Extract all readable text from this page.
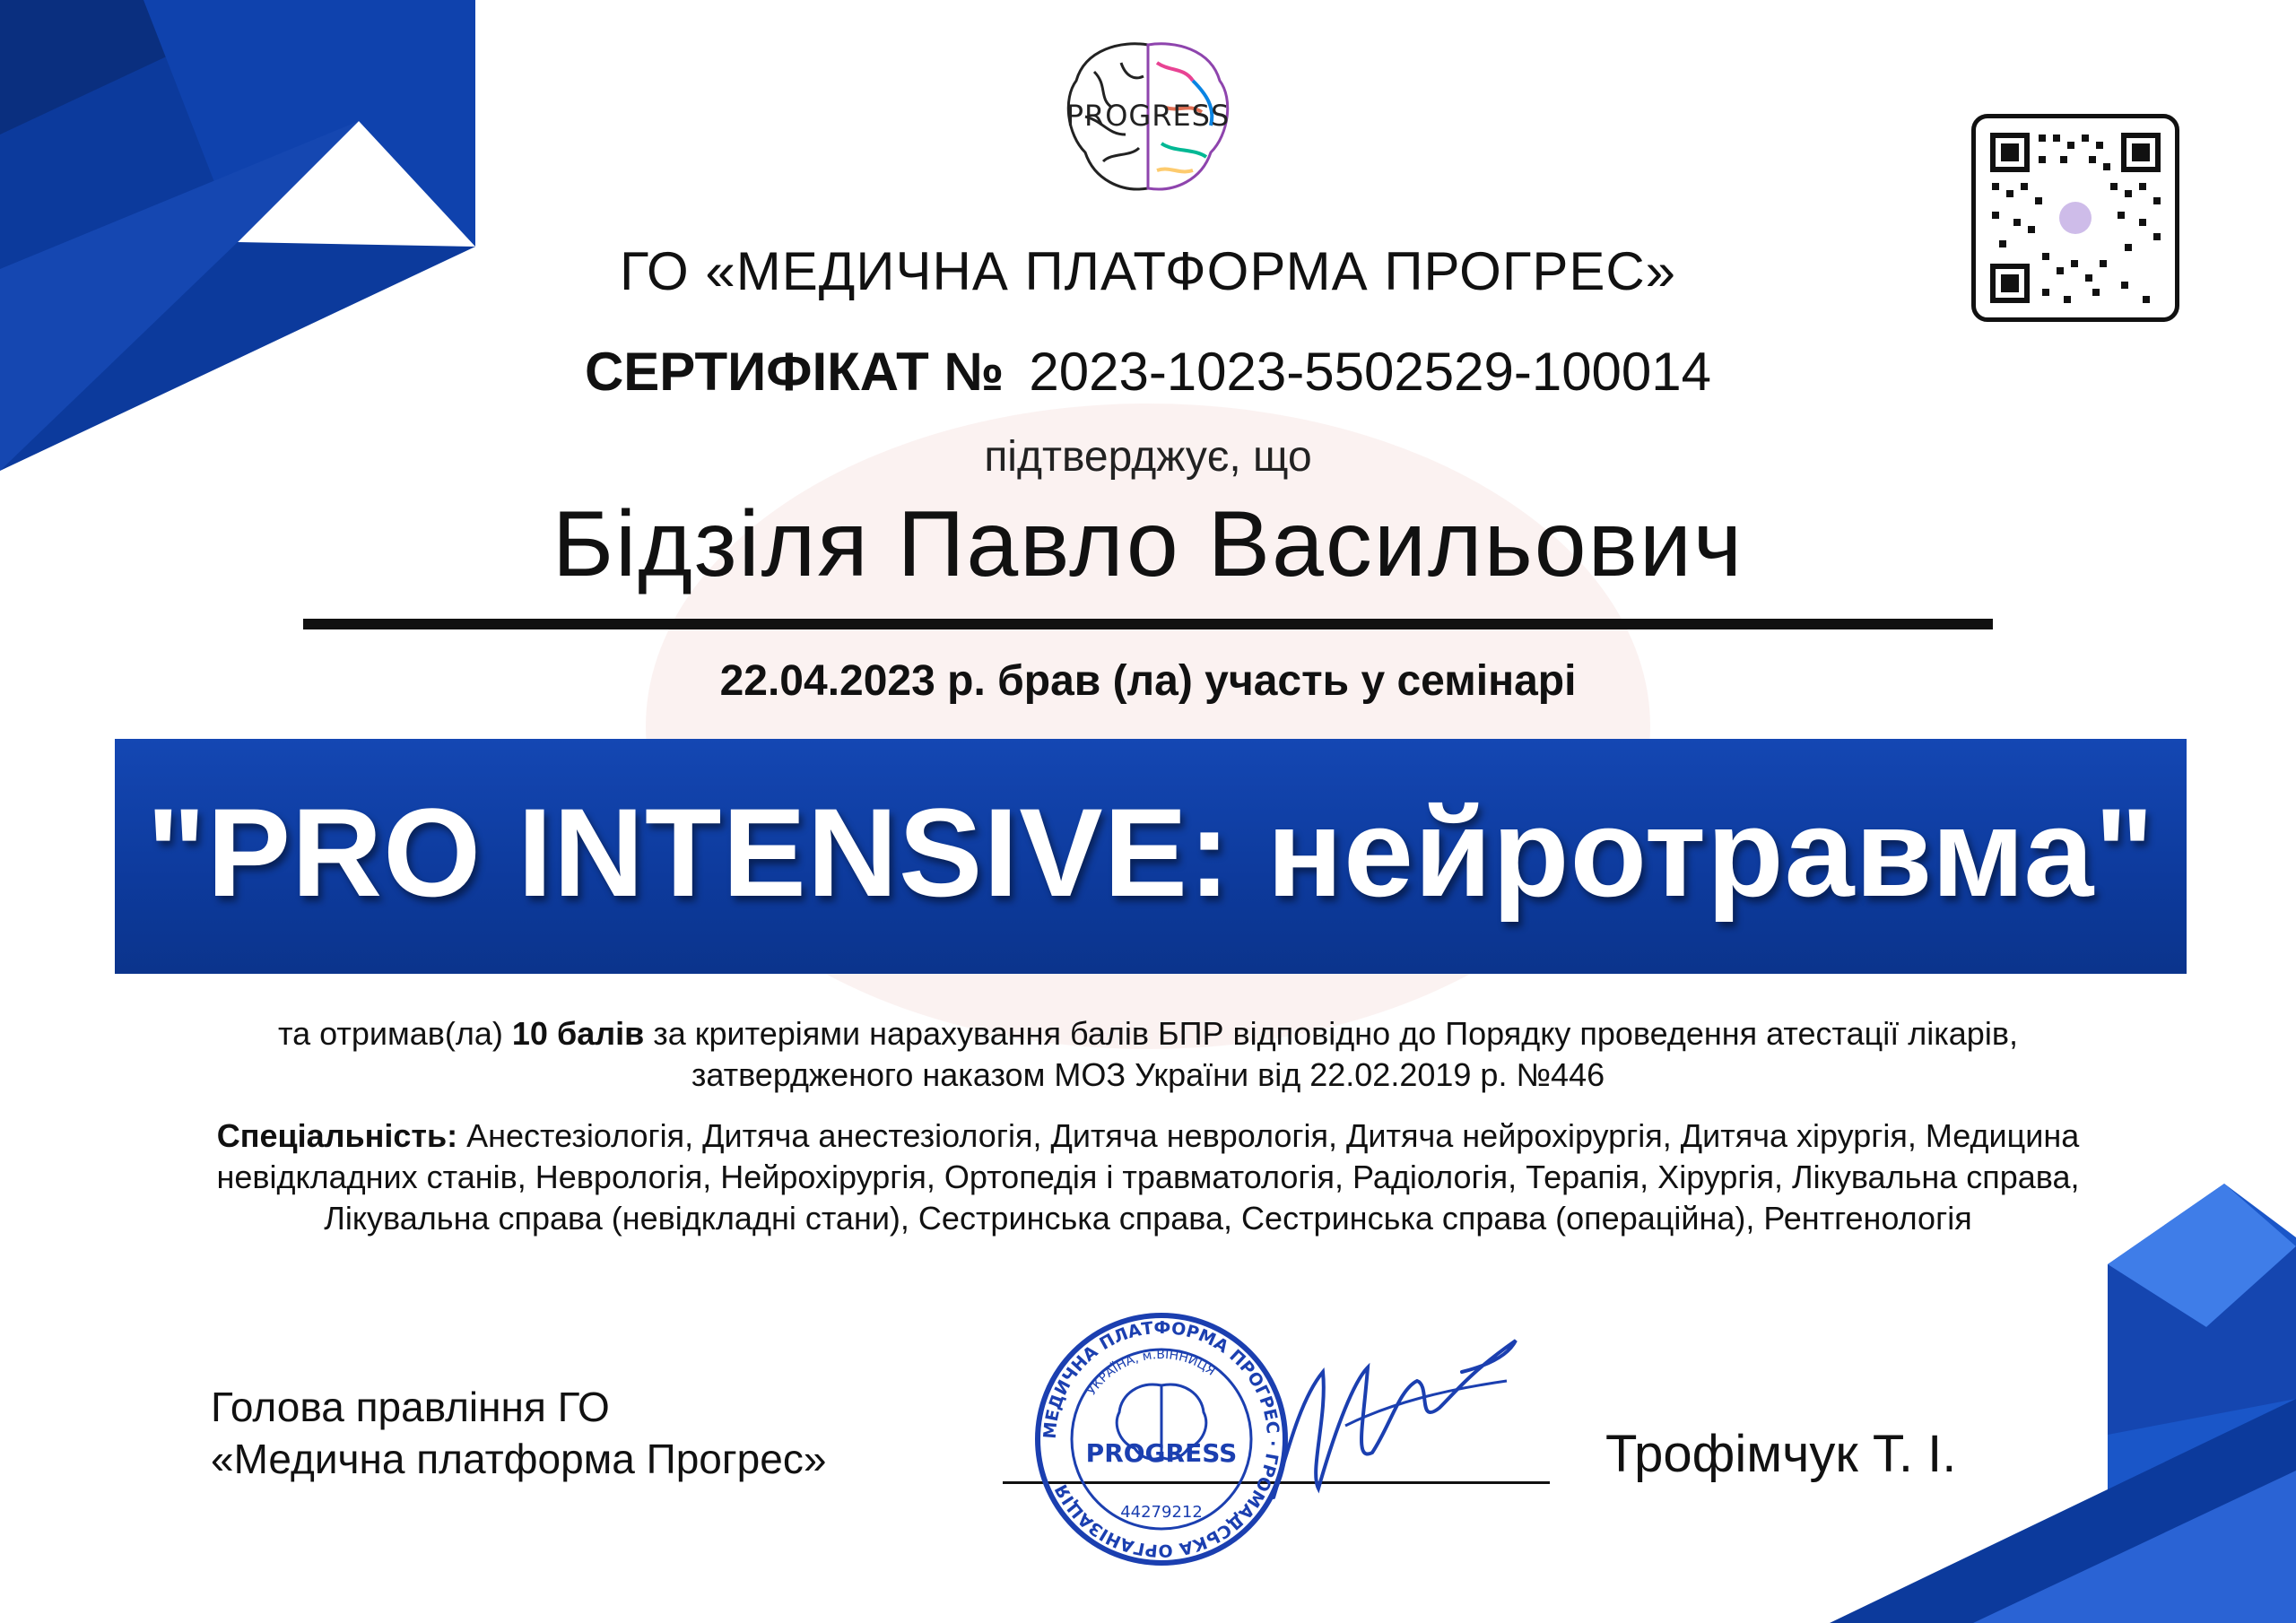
PROGRESS
ГО «МЕДИЧНА ПЛАТФОРМА ПРОГРЕС»
СЕРТИФІКАТ № 2023-1023-5502529-100014
підтверджує, що
Бідзіля Павло Васильович
22.04.2023 р. брав (ла) участь у семінарі
"PRO INTENSIVE: нейротравма"
та отримав(ла) 10 балів за критеріями нарахування балів БПР відповідно до Порядку проведення атестації лікарів,
затвердженого наказом МОЗ України від 22.02.2019 р. №446
Спеціальність: Анестезіологія, Дитяча анестезіологія, Дитяча неврологія, Дитяча нейрохірургія, Дитяча хірургія, Медицина невідкладних станів, Неврологія, Нейрохірургія, Ортопедія і травматологія, Радіологія, Терапія, Хірургія, Лікувальна справа, Лікувальна справа (невідкладні стани), Сестринська справа, Сестринська справа (операційна), Рентгенологія
Голова правління ГО
«Медична платформа Прогрес»
МЕДИЧНА ПЛАТФОРМА ПРОГРЕС · ГРОМАДСЬКА ОРГАНІЗАЦІЯ
УКРАЇНА, м.ВІННИЦЯ
PROGRESS
44279212
Трофімчук Т. І.
